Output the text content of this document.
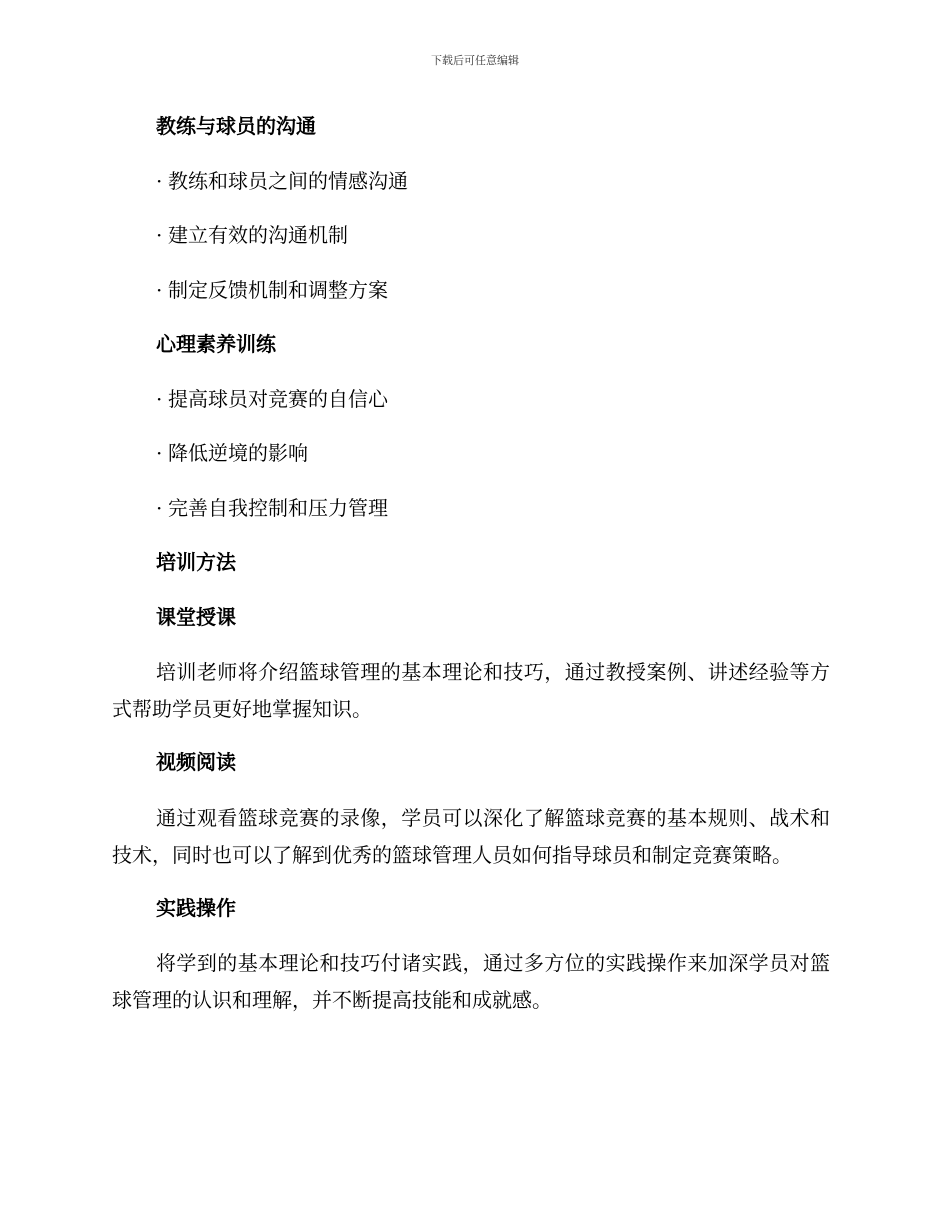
下载后可任意编辑
教练与球员的沟通
· 教练和球员之间的情感沟通
· 建立有效的沟通机制
· 制定反馈机制和调整方案
心理素养训练
· 提高球员对竞赛的自信心
· 降低逆境的影响
· 完善自我控制和压力管理
培训方法
课堂授课

培训老师将介绍篮球管理的基本理论和技巧，通过教授案例、讲述经验等方式帮助学员更好地掌握知识。

视频阅读

通过观看篮球竞赛的录像，学员可以深化了解篮球竞赛的基本规则、战术和技术，同时也可以了解到优秀的篮球管理人员如何指导球员和制定竞赛策略。

实践操作

将学到的基本理论和技巧付诸实践，通过多方位的实践操作来加深学员对篮球管理的认识和理解，并不断提高技能和成就感。
